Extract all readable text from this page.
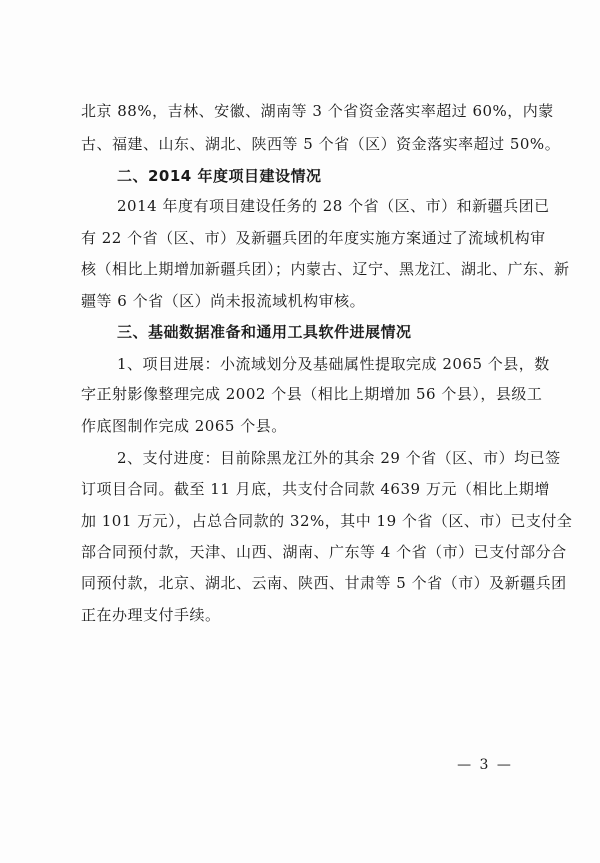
北京 88%，吉林、安徽、湖南等 3 个省资金落实率超过 60%，内蒙
古、福建、山东、湖北、陕西等 5 个省（区）资金落实率超过 50%。
二、2014 年度项目建设情况
2014 年度有项目建设任务的 28 个省（区、市）和新疆兵团已
有 22 个省（区、市）及新疆兵团的年度实施方案通过了流域机构审
核（相比上期增加新疆兵团）；内蒙古、辽宁、黑龙江、湖北、广东、新
疆等 6 个省（区）尚未报流域机构审核。
三、基础数据准备和通用工具软件进展情况
1、项目进展：小流域划分及基础属性提取完成 2065 个县，数
字正射影像整理完成 2002 个县（相比上期增加 56 个县），县级工
作底图制作完成 2065 个县。
2、支付进度：目前除黑龙江外的其余 29 个省（区、市）均已签
订项目合同。截至 11 月底，共支付合同款 4639 万元（相比上期增
加 101 万元），占总合同款的 32%，其中 19 个省（区、市）已支付全
部合同预付款，天津、山西、湖南、广东等 4 个省（市）已支付部分合
同预付款，北京、湖北、云南、陕西、甘肃等 5 个省（市）及新疆兵团
正在办理支付手续。
— 3 —
